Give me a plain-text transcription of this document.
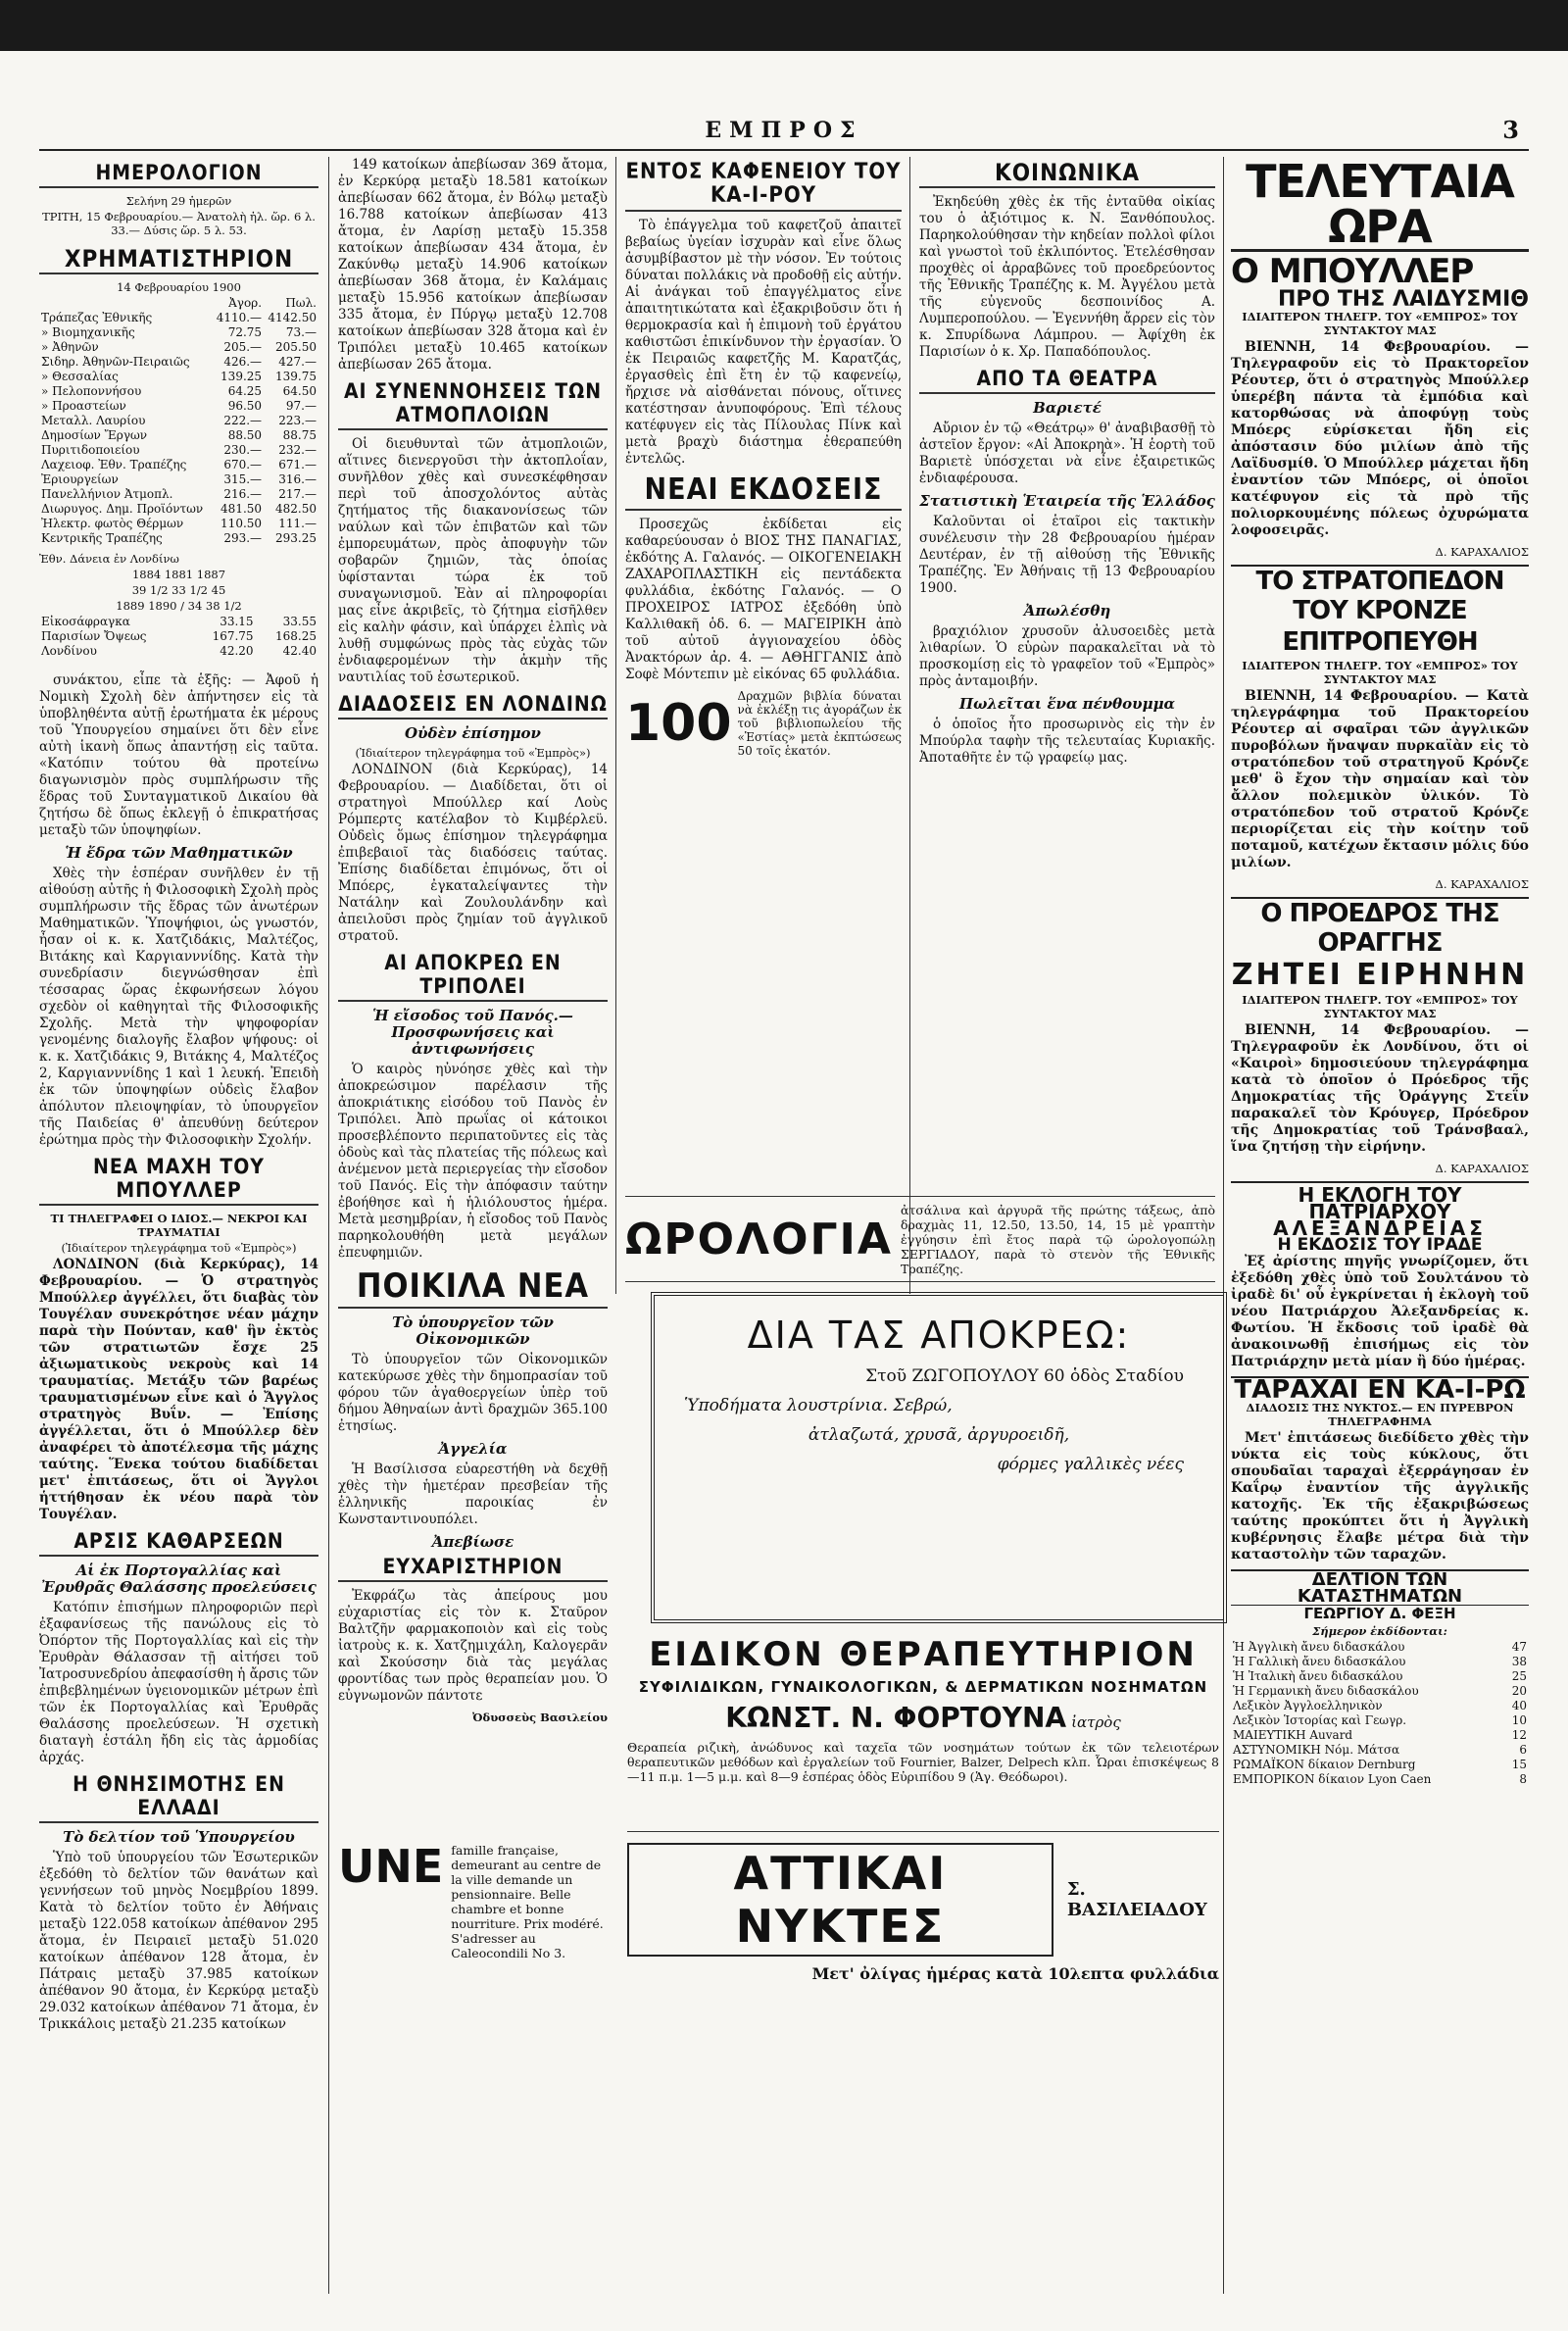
ΕΜΠΡΟΣ	3
ΗΜΕΡΟΛΟΓΙΟΝ
Σελήνη 29 ἡμερῶν
ΤΡΙΤΗ, 15 Φεβρουαρίου.— Ἀνατολὴ ἡλ. ὥρ. 6 λ. 33.— Δύσις ὥρ. 5 λ. 53.
ΧΡΗΜΑΤΙΣΤΗΡΙΟΝ
14 Φεβρουαρίου 1900
	Ἀγορ.	Πωλ.
Τράπεζας Ἐθνικῆς	4110.—	4142.50
» Βιομηχανικῆς	72.75	73.—
» Ἀθηνῶν	205.—	205.50
Σιδηρ. Ἀθηνῶν-Πειραιῶς	426.—	427.—
» Θεσσαλίας	139.25	139.75
» Πελοποννήσου	64.25	64.50
» Προαστείων	96.50	97.—
Μεταλλ. Λαυρίου	222.—	223.—
Δημοσίων Ἔργων	88.50	88.75
Πυριτιδοποιείου	230.—	232.—
Λαχειοφ. Ἐθν. Τραπέζης	670.—	671.—
Ἐριουργείων	315.—	316.—
Πανελλήνιον Ἀτμοπλ.	216.—	217.—
Διωρυγος. Δημ. Προϊόντων	481.50	482.50
Ἠλεκτρ. φωτὸς Θέρμων	110.50	111.—
Κεντρικῆς Τραπέζης	293.—	293.25
Ἐθν. Δάνεια ἐν Λονδίνω
1884 1881 1887
39 1/2 33 1/2 45
1889 1890 / 34 38 1/2
Εἰκοσάφραγκα	33.15	33.55
Παρισίων Ὄψεως	167.75	168.25
Λονδίνου	42.20	42.40

συνάκτου, εἶπε τὰ ἑξῆς: — Ἀφοῦ ἡ Νομικὴ Σχολὴ δὲν ἀπήντησεν εἰς τὰ ὑποβληθέντα αὐτῇ ἐρωτήματα ἐκ μέρους τοῦ Ὑπουργείου σημαίνει ὅτι δὲν εἶνε αὐτὴ ἱκανὴ ὅπως ἀπαντήσῃ εἰς ταῦτα. «Κατόπιν τούτου θὰ προτείνω διαγωνισμὸν πρὸς συμπλήρωσιν τῆς ἕδρας τοῦ Συνταγματικοῦ Δικαίου θὰ ζητήσω δὲ ὅπως ἐκλεγῇ ὁ ἐπικρατήσας μεταξὺ τῶν ὑποψηφίων.

Ἡ ἔδρα τῶν Μαθηματικῶν

Χθὲς τὴν ἑσπέραν συνῆλθεν ἐν τῇ αἰθούσῃ αὐτῆς ἡ Φιλοσοφικὴ Σχολὴ πρὸς συμπλήρωσιν τῆς ἕδρας τῶν ἀνωτέρων Μαθηματικῶν. Ὑποψήφιοι, ὡς γνωστόν, ἦσαν οἱ κ. κ. Χατζιδάκις, Μαλτέζος, Βιτάκης καὶ Καργιανννίδης. Κατὰ τὴν συνεδρίασιν διεγνώσθησαν ἐπὶ τέσσαρας ὥρας ἐκφωνήσεων λόγου σχεδὸν οἱ καθηγηταὶ τῆς Φιλοσοφικῆς Σχολῆς. Μετὰ τὴν ψηφοφορίαν γενομένης διαλογῆς ἔλαβον ψήφους: οἱ κ. κ. Χατζιδάκις 9, Βιτάκης 4, Μαλτέζος 2, Καργιανννίδης 1 καὶ 1 λευκή. Ἐπειδὴ ἐκ τῶν ὑποψηφίων οὐδεὶς ἔλαβον ἀπόλυτον πλειοψηφίαν, τὸ ὑπουργεῖον τῆς Παιδείας θ' ἀπευθύνῃ δεύτερον ἐρώτημα πρὸς τὴν Φιλοσοφικὴν Σχολήν.

ΝΕΑ ΜΑΧΗ ΤΟΥ ΜΠΟΥΛΛΕΡ
ΤΙ ΤΗΛΕΓΡΑΦΕΙ Ο ΙΔΙΟΣ.— ΝΕΚΡΟΙ ΚΑΙ ΤΡΑΥΜΑΤΙΑΙ
(Ἰδιαίτερον τηλεγράφημα τοῦ «Ἐμπρὸς»)

ΛΟΝΔΙΝΟΝ (διὰ Κερκύρας), 14 Φεβρουαρίου. — Ὁ στρατηγὸς Μπούλλερ ἀγγέλλει, ὅτι διαβὰς τὸν Τουγέλαν συνεκρότησε νέαν μάχην παρὰ τὴν Πούνταν, καθ' ἣν ἐκτὸς τῶν στρατιωτῶν ἔσχε 25 ἀξιωματικοὺς νεκροὺς καὶ 14 τραυματίας. Μετάξυ τῶν βαρέως τραυματισμένων εἶνε καὶ ὁ Ἄγγλος στρατηγὸς Βυΐν. — Ἐπίσης ἀγγέλλεται, ὅτι ὁ Μπούλλερ δὲν ἀναφέρει τὸ ἀποτέλεσμα τῆς μάχης ταύτης. Ἕνεκα τούτου διαδίδεται μετ' ἐπιτάσεως, ὅτι οἱ Ἄγγλοι ἡττήθησαν ἐκ νέου παρὰ τὸν Τουγέλαν.

ΑΡΣΙΣ ΚΑΘΑΡΣΕΩΝ
Αἱ ἐκ Πορτογαλλίας καὶ Ἐρυθρᾶς Θαλάσσης προελεύσεις

Κατόπιν ἐπισήμων πληροφοριῶν περὶ ἐξαφανίσεως τῆς πανώλους εἰς τὸ Ὀπόρτον τῆς Πορτογαλλίας καὶ εἰς τὴν Ἐρυθρὰν Θάλασσαν τῇ αἰτήσει τοῦ Ἰατροσυνεδρίου ἀπεφασίσθη ἡ ἄρσις τῶν ἐπιβεβλημένων ὑγειονομικῶν μέτρων ἐπὶ τῶν ἐκ Πορτογαλλίας καὶ Ἐρυθρᾶς Θαλάσσης προελεύσεων. Ἡ σχετικὴ διαταγὴ ἐστάλη ἤδη εἰς τὰς ἁρμοδίας ἀρχάς.

Η ΘΝΗΣΙΜΟΤΗΣ ΕΝ ΕΛΛΑΔΙ
Τὸ δελτίον τοῦ Ὑπουργείου

Ὑπὸ τοῦ ὑπουργείου τῶν Ἐσωτερικῶν ἐξεδόθη τὸ δελτίον τῶν θανάτων καὶ γεννήσεων τοῦ μηνὸς Νοεμβρίου 1899. Κατὰ τὸ δελτίον τοῦτο ἐν Ἀθήναις μεταξὺ 122.058 κατοίκων ἀπέθανον 295 ἄτομα, ἐν Πειραιεῖ μεταξὺ 51.020 κατοίκων ἀπέθανον 128 ἄτομα, ἐν Πάτραις μεταξὺ 37.985 κατοίκων ἀπέθανον 90 ἄτομα, ἐν Κερκύρᾳ μεταξὺ 29.032 κατοίκων ἀπέθανον 71 ἄτομα, ἐν Τρικκάλοις μεταξὺ 21.235 κατοίκων

149 κατοίκων ἀπεβίωσαν 369 ἄτομα, ἐν Κερκύρᾳ μεταξὺ 18.581 κατοίκων ἀπεβίωσαν 662 ἄτομα, ἐν Βόλῳ μεταξὺ 16.788 κατοίκων ἀπεβίωσαν 413 ἄτομα, ἐν Λαρίσῃ μεταξὺ 15.358 κατοίκων ἀπεβίωσαν 434 ἄτομα, ἐν Ζακύνθῳ μεταξὺ 14.906 κατοίκων ἀπεβίωσαν 368 ἄτομα, ἐν Καλάμαις μεταξὺ 15.956 κατοίκων ἀπεβίωσαν 335 ἄτομα, ἐν Πύργῳ μεταξὺ 12.708 κατοίκων ἀπεβίωσαν 328 ἄτομα καὶ ἐν Τριπόλει μεταξὺ 10.465 κατοίκων ἀπεβίωσαν 265 ἄτομα.

ΑΙ ΣΥΝΕΝΝΟΗΣΕΙΣ ΤΩΝ ΑΤΜΟΠΛΟΙΩΝ

Οἱ διευθυνταὶ τῶν ἀτμοπλοιῶν, αἵτινες διενεργοῦσι τὴν ἀκτοπλοΐαν, συνῆλθον χθὲς καὶ συνεσκέφθησαν περὶ τοῦ ἀποσχολόντος αὐτὰς ζητήματος τῆς διακανονίσεως τῶν ναύλων καὶ τῶν ἐπιβατῶν καὶ τῶν ἐμπορευμάτων, πρὸς ἀποφυγὴν τῶν σοβαρῶν ζημιῶν, τὰς ὁποίας ὑφίστανται τώρα ἐκ τοῦ συναγωνισμοῦ. Ἐὰν αἱ πληροφορίαι μας εἶνε ἀκριβεῖς, τὸ ζήτημα εἰσῆλθεν εἰς καλὴν φάσιν, καὶ ὑπάρχει ἐλπὶς νὰ λυθῇ συμφώνως πρὸς τὰς εὐχὰς τῶν ἐνδιαφερομένων τὴν ἀκμὴν τῆς ναυτιλίας τοῦ ἐσωτερικοῦ.

ΔΙΑΔΟΣΕΙΣ ΕΝ ΛΟΝΔΙΝΩ
Οὐδὲν ἐπίσημον
(Ἰδιαίτερον τηλεγράφημα τοῦ «Ἐμπρὸς»)

ΛΟΝΔΙΝΟΝ (διὰ Κερκύρας), 14 Φεβρουαρίου. — Διαδίδεται, ὅτι οἱ στρατηγοὶ Μπούλλερ καί Λοὺς Ρόμπερτς κατέλαβον τὸ Κιμβέρλεϋ. Οὐδεὶς ὅμως ἐπίσημον τηλεγράφημα ἐπιβεβαιοῖ τὰς διαδόσεις ταύτας. Ἐπίσης διαδίδεται ἐπιμόνως, ὅτι οἱ Μπόερς, ἐγκαταλείψαντες τὴν Νατάλην καὶ Ζουλουλάνδην καὶ ἀπειλοῦσι πρὸς ζημίαν τοῦ ἀγγλικοῦ στρατοῦ.

ΑΙ ΑΠΟΚΡΕΩ ΕΝ ΤΡΙΠΟΛΕΙ
Ἡ εἴσοδος τοῦ Πανός.— Προσφωνήσεις καὶ ἀντιφωνήσεις

Ὁ καιρὸς ηὐνόησε χθὲς καὶ τὴν ἀποκρεώσιμον παρέλασιν τῆς ἀποκριάτικης εἰσόδου τοῦ Πανὸς ἐν Τριπόλει. Ἀπὸ πρωΐας οἱ κάτοικοι προσεβλέποντο περιπατοῦντες εἰς τὰς ὁδοὺς καὶ τὰς πλατείας τῆς πόλεως καὶ ἀνέμενον μετὰ περιεργείας τὴν εἴσοδον τοῦ Πανός. Εἰς τὴν ἀπόφασιν ταύτην ἐβοήθησε καὶ ἡ ἡλιόλουστος ἡμέρα. Μετὰ μεσημβρίαν, ἡ εἴσοδος τοῦ Πανὸς παρηκολουθήθη μετὰ μεγάλων ἐπευφημιῶν.

ΠΟΙΚΙΛΑ ΝΕΑ
Τὸ ὑπουργεῖον τῶν Οἰκονομικῶν

Τὸ ὑπουργεῖον τῶν Οἰκονομικῶν κατεκύρωσε χθὲς τὴν δημοπρασίαν τοῦ φόρου τῶν ἀγαθοεργείων ὑπὲρ τοῦ δήμου Ἀθηναίων ἀντὶ δραχμῶν 365.100 ἐτησίως.

Ἀγγελία

Ἡ Βασίλισσα εὐαρεστήθη νὰ δεχθῇ χθὲς τὴν ἡμετέραν πρεσβείαν τῆς ἑλληνικῆς παροικίας ἐν Κωνσταντινουπόλει.

Ἀπεβίωσε
ΕΥΧΑΡΙΣΤΗΡΙΟΝ

Ἐκφράζω τὰς ἀπείρους μου εὐχαριστίας εἰς τὸν κ. Σταῦρον Βαλτζῆν φαρμακοποιὸν καὶ εἰς τοὺς ἰατροὺς κ. κ. Χατζημιχάλη, Καλογερᾶν καὶ Σκούσσην διὰ τὰς μεγάλας φροντίδας των πρὸς θεραπείαν μου. Ὁ εὐγνωμονῶν πάντοτε

Ὀδυσσεὺς Βασιλείου
ΕΝΤΟΣ ΚΑΦΕΝΕΙΟΥ ΤΟΥ ΚΑ-Ι-ΡΟΥ

Τὸ ἐπάγγελμα τοῦ καφετζοῦ ἀπαιτεῖ βεβαίως ὑγείαν ἰσχυρὰν καὶ εἶνε ὅλως ἀσυμβίβαστον μὲ τὴν νόσον. Ἐν τούτοις δύναται πολλάκις νὰ προδοθῇ εἰς αὐτήν. Αἱ ἀνάγκαι τοῦ ἐπαγγέλματος εἶνε ἀπαιτητικώτατα καὶ ἐξακριβοῦσιν ὅτι ἡ θερμοκρασία καὶ ἡ ἐπιμονὴ τοῦ ἐργάτου καθιστῶσι ἐπικίνδυνον τὴν ἐργασίαν. Ὁ ἐκ Πειραιῶς καφετζῆς Μ. Καρατζάς, ἐργασθεὶς ἐπὶ ἔτη ἐν τῷ καφενείῳ, ἤρχισε νὰ αἰσθάνεται πόνους, οἵτινες κατέστησαν ἀνυποφόρους. Ἐπὶ τέλους κατέφυγεν εἰς τὰς Πίλουλας Πίνκ καὶ μετὰ βραχὺ διάστημα ἐθεραπεύθη ἐντελῶς.

ΝΕΑΙ ΕΚΔΟΣΕΙΣ

Προσεχῶς ἐκδίδεται εἰς καθαρεύουσαν ὁ ΒΙΟΣ ΤΗΣ ΠΑΝΑΓΙΑΣ, ἐκδότης Α. Γαλανός. — ΟΙΚΟΓΕΝΕΙΑΚΗ ΖΑΧΑΡΟΠΛΑΣΤΙΚΗ εἰς πεντάδεκτα φυλλάδια, ἐκδότης Γαλανός. — Ο ΠΡΟΧΕΙΡΟΣ ΙΑΤΡΟΣ ἐξεδόθη ὑπὸ Καλλιθακῆ ὁδ. 6. — ΜΑΓΕΙΡΙΚΗ ἀπὸ τοῦ αὐτοῦ ἀγγιοναχείου ὁδὸς Ἀνακτόρων ἀρ. 4. — ΑΘΗΓΓΑΝΙΣ ἀπὸ Σοφὲ Μόντεπιν μὲ εἰκόνας 65 φυλλάδια.

100 Δραχμῶν βιβλία δύναται νὰ ἐκλέξῃ τις ἀγοράζων ἐκ τοῦ βιβλιοπωλείου τῆς «Ἑστίας» μετὰ ἐκπτώσεως 50 τοῖς ἑκατόν.
ΚΟΙΝΩΝΙΚΑ

Ἐκηδεύθη χθὲς ἐκ τῆς ἐνταῦθα οἰκίας του ὁ ἀξιότιμος κ. Ν. Ξανθόπουλος. Παρηκολούθησαν τὴν κηδείαν πολλοὶ φίλοι καὶ γνωστοὶ τοῦ ἐκλιπόντος. Ἐτελέσθησαν προχθὲς οἱ ἀρραβῶνες τοῦ προεδρεύοντος τῆς Ἐθνικῆς Τραπέζης κ. Μ. Ἀγγέλου μετὰ τῆς εὐγενοῦς δεσποινίδος Α. Λυμπεροπούλου. — Ἐγεννήθη ἄρρεν εἰς τὸν κ. Σπυρίδωνα Λάμπρου. — Ἀφίχθη ἐκ Παρισίων ὁ κ. Χρ. Παπαδόπουλος.

ΑΠΟ ΤΑ ΘΕΑΤΡΑ
Βαριετέ

Αὔριον ἐν τῷ «Θεάτρῳ» θ' ἀναβιβασθῇ τὸ ἀστεῖον ἔργον: «Αἱ Ἀποκρηὰ». Ἡ ἑορτὴ τοῦ Βαριετὲ ὑπόσχεται νὰ εἶνε ἐξαιρετικῶς ἐνδιαφέρουσα.

Στατιστικὴ Ἑταιρεία τῆς Ἑλλάδος

Καλοῦνται οἱ ἑταῖροι εἰς τακτικὴν συνέλευσιν τὴν 28 Φεβρουαρίου ἡμέραν Δευτέραν, ἐν τῇ αἰθούσῃ τῆς Ἐθνικῆς Τραπέζης. Ἐν Ἀθήναις τῇ 13 Φεβρουαρίου 1900.

Ἀπωλέσθη

βραχιόλιον χρυσοῦν ἀλυσοειδὲς μετὰ λιθαρίων. Ὁ εὑρὼν παρακαλεῖται νὰ τὸ προσκομίσῃ εἰς τὸ γραφεῖον τοῦ «Ἐμπρὸς» πρὸς ἀνταμοιβήν.

Πωλεῖται ἕνα πένθουμμα

ὁ ὁποῖος ἦτο προσωρινὸς εἰς τὴν ἐν Μπούρλα ταφὴν τῆς τελευταίας Κυριακῆς. Ἀποταθῆτε ἐν τῷ γραφείῳ μας.

ΩΡΟΛΟΓΙΑ
ἀτσάλινα καὶ ἀργυρᾶ τῆς πρώτης τάξεως, ἀπὸ δραχμὰς 11, 12.50, 13.50, 14, 15 μὲ γραπτὴν ἐγγύησιν ἐπὶ ἔτος παρὰ τῷ ὡρολογοπώλῃ ΣΕΡΓΙΑΔΟΥ, παρὰ τὸ στενὸν τῆς Ἐθνικῆς Τραπέζης.
ΔΙΑ ΤΑΣ ΑΠΟΚΡΕΩ:
Στοῦ ΖΩΓΟΠΟΥΛΟΥ 60 ὁδὸς Σταδίου
Ὑποδήματα λουστρίνια. Σεβρώ,
ἀτλαζωτά, χρυσᾶ, ἀργυροειδῆ,
φόρμες γαλλικὲς νέες
ΕΙΔΙΚΟΝ ΘΕΡΑΠΕΥΤΗΡΙΟΝ
ΣΥΦΙΛΙΔΙΚΩΝ, ΓΥΝΑΙΚΟΛΟΓΙΚΩΝ, & ΔΕΡΜΑΤΙΚΩΝ ΝΟΣΗΜΑΤΩΝ
ΚΩΝΣΤ. Ν. ΦΟΡΤΟΥΝΑ ἰατρὸς
Θεραπεία ριζικὴ, ἀνώδυνος καὶ ταχεῖα τῶν νοσημάτων τούτων ἐκ τῶν τελειοτέρων θεραπευτικῶν μεθόδων καὶ ἐργαλείων τοῦ Fournier, Balzer, Delpech κλπ. Ὧραι ἐπισκέψεως 8—11 π.μ. 1—5 μ.μ. καὶ 8—9 ἑσπέρας ὁδὸς Εὐριπίδου 9 (Ἁγ. Θεόδωροι).
UNE famille française, demeurant au centre de la ville demande un pensionnaire. Belle chambre et bonne nourriture. Prix modéré. S'adresser au Caleocondili No 3.
ΑΤΤΙΚΑΙ ΝΥΚΤΕΣ
Σ. ΒΑΣΙΛΕΙΑΔΟΥ
Μετ' ὀλίγας ἡμέρας κατὰ 10λεπτα φυλλάδια
ΤΕΛΕΥΤΑΙΑ ΩΡΑ
Ο ΜΠΟΥΛΛΕΡ
ΠΡΟ ΤΗΣ ΛΑΙΔΥΣΜΙΘ
ΙΔΙΑΙΤΕΡΟΝ ΤΗΛΕΓΡ. ΤΟΥ «ΕΜΠΡΟΣ» ΤΟΥ ΣΥΝΤΑΚΤΟΥ ΜΑΣ

ΒΙΕΝΝΗ, 14 Φεβρουαρίου. — Τηλεγραφοῦν εἰς τὸ Πρακτορεῖον Ρέουτερ, ὅτι ὁ στρατηγὸς Μπούλλερ ὑπερέβη πάντα τὰ ἐμπόδια καὶ κατορθώσας νὰ ἀποφύγῃ τοὺς Μπόερς εὑρίσκεται ἤδη εἰς ἀπόστασιν δύο μιλίων ἀπὸ τῆς Λαϊδυσμίθ. Ὁ Μπούλλερ μάχεται ἤδη ἐναντίον τῶν Μπόερς, οἱ ὁποῖοι κατέφυγον εἰς τὰ πρὸ τῆς πολιορκουμένης πόλεως ὀχυρώματα λοφοσειρᾶς.

Δ. ΚΑΡΑΧΑΛΙΟΣ
ΤΟ ΣΤΡΑΤΟΠΕΔΟΝ ΤΟΥ ΚΡΟΝΖΕ
ΕΠΙΤΡΟΠΕΥΘΗ
ΙΔΙΑΙΤΕΡΟΝ ΤΗΛΕΓΡ. ΤΟΥ «ΕΜΠΡΟΣ» ΤΟΥ ΣΥΝΤΑΚΤΟΥ ΜΑΣ

ΒΙΕΝΝΗ, 14 Φεβρουαρίου. — Κατὰ τηλεγράφημα τοῦ Πρακτορείου Ρέουτερ αἱ σφαῖραι τῶν ἀγγλικῶν πυροβόλων ἤναψαν πυρκαϊὰν εἰς τὸ στρατόπεδον τοῦ στρατηγοῦ Κρόνζε μεθ' ὃ ἔχον τὴν σημαίαν καὶ τὸν ἄλλον πολεμικὸν ὑλικόν. Τὸ στρατόπεδον τοῦ στρατοῦ Κρόνζε περιορίζεται εἰς τὴν κοίτην τοῦ ποταμοῦ, κατέχων ἔκτασιν μόλις δύο μιλίων.

Δ. ΚΑΡΑΧΑΛΙΟΣ
Ο ΠΡΟΕΔΡΟΣ ΤΗΣ ΟΡΑΓΓΗΣ
ΖΗΤΕΙ ΕΙΡΗΝΗΝ
ΙΔΙΑΙΤΕΡΟΝ ΤΗΛΕΓΡ. ΤΟΥ «ΕΜΠΡΟΣ» ΤΟΥ ΣΥΝΤΑΚΤΟΥ ΜΑΣ

ΒΙΕΝΝΗ, 14 Φεβρουαρίου. — Τηλεγραφοῦν ἐκ Λονδίνου, ὅτι οἱ «Καιροὶ» δημοσιεύουν τηλεγράφημα κατὰ τὸ ὁποῖον ὁ Πρόεδρος τῆς Δημοκρατίας τῆς Ὀράγγης Στεΐν παρακαλεῖ τὸν Κρόυγερ, Πρόεδρον τῆς Δημοκρατίας τοῦ Τράνσβααλ, ἵνα ζητήσῃ τὴν εἰρήνην.

Δ. ΚΑΡΑΧΑΛΙΟΣ
Η ΕΚΛΟΓΗ ΤΟΥ ΠΑΤΡΙΑΡΧΟΥ
ΑΛΕΞΑΝΔΡΕΙΑΣ
Η ΕΚΔΟΣΙΣ ΤΟΥ ΙΡΑΔΕ

Ἐξ ἀρίστης πηγῆς γνωρίζομεν, ὅτι ἐξεδόθη χθὲς ὑπὸ τοῦ Σουλτάνου τὸ ἰραδὲ δι' οὗ ἐγκρίνεται ἡ ἐκλογὴ τοῦ νέου Πατριάρχου Ἀλεξανδρείας κ. Φωτίου. Ἡ ἔκδοσις τοῦ ἰραδὲ θὰ ἀνακοινωθῇ ἐπισήμως εἰς τὸν Πατριάρχην μετὰ μίαν ἢ δύο ἡμέρας.

ΤΑΡΑΧΑΙ ΕΝ ΚΑ-Ι-ΡΩ
ΔΙΑΔΟΣΙΣ ΤΗΣ ΝΥΚΤΟΣ.— ΕΝ ΠΥΡΕΒΡΟΝ ΤΗΛΕΓΡΑΦΗΜΑ

Μετ' ἐπιτάσεως διεδίδετο χθὲς τὴν νύκτα εἰς τοὺς κύκλους, ὅτι σπουδαῖαι ταραχαὶ ἐξερράγησαν ἐν Καΐρῳ ἐναντίον τῆς ἀγγλικῆς κατοχῆς. Ἐκ τῆς ἐξακριβώσεως ταύτης προκύπτει ὅτι ἡ Ἀγγλικὴ κυβέρνησις ἔλαβε μέτρα διὰ τὴν καταστολὴν τῶν ταραχῶν.

ΔΕΛΤΙΟΝ ΤΩΝ ΚΑΤΑΣΤΗΜΑΤΩΝ
ΓΕΩΡΓΙΟΥ Δ. ΦΕΞΗ
Σήμερον ἐκδίδονται:
Ἡ Ἀγγλικὴ ἄνευ διδασκάλου	47
Ἡ Γαλλικὴ ἄνευ διδασκάλου	38
Ἡ Ἰταλικὴ ἄνευ διδασκάλου	25
Ἡ Γερμανικὴ ἄνευ διδασκάλου	20
Λεξικὸν Ἀγγλοελληνικὸν	40
Λεξικὸν Ἱστορίας καὶ Γεωγρ.	10
ΜΑΙΕΥΤΙΚΗ Auvard	12
ΑΣΤΥΝΟΜΙΚΗ Νόμ. Μάτσα	6
ΡΩΜΑΪΚΟΝ δίκαιον Dernburg	15
ΕΜΠΟΡΙΚΟΝ δίκαιον Lyon Caen	8
